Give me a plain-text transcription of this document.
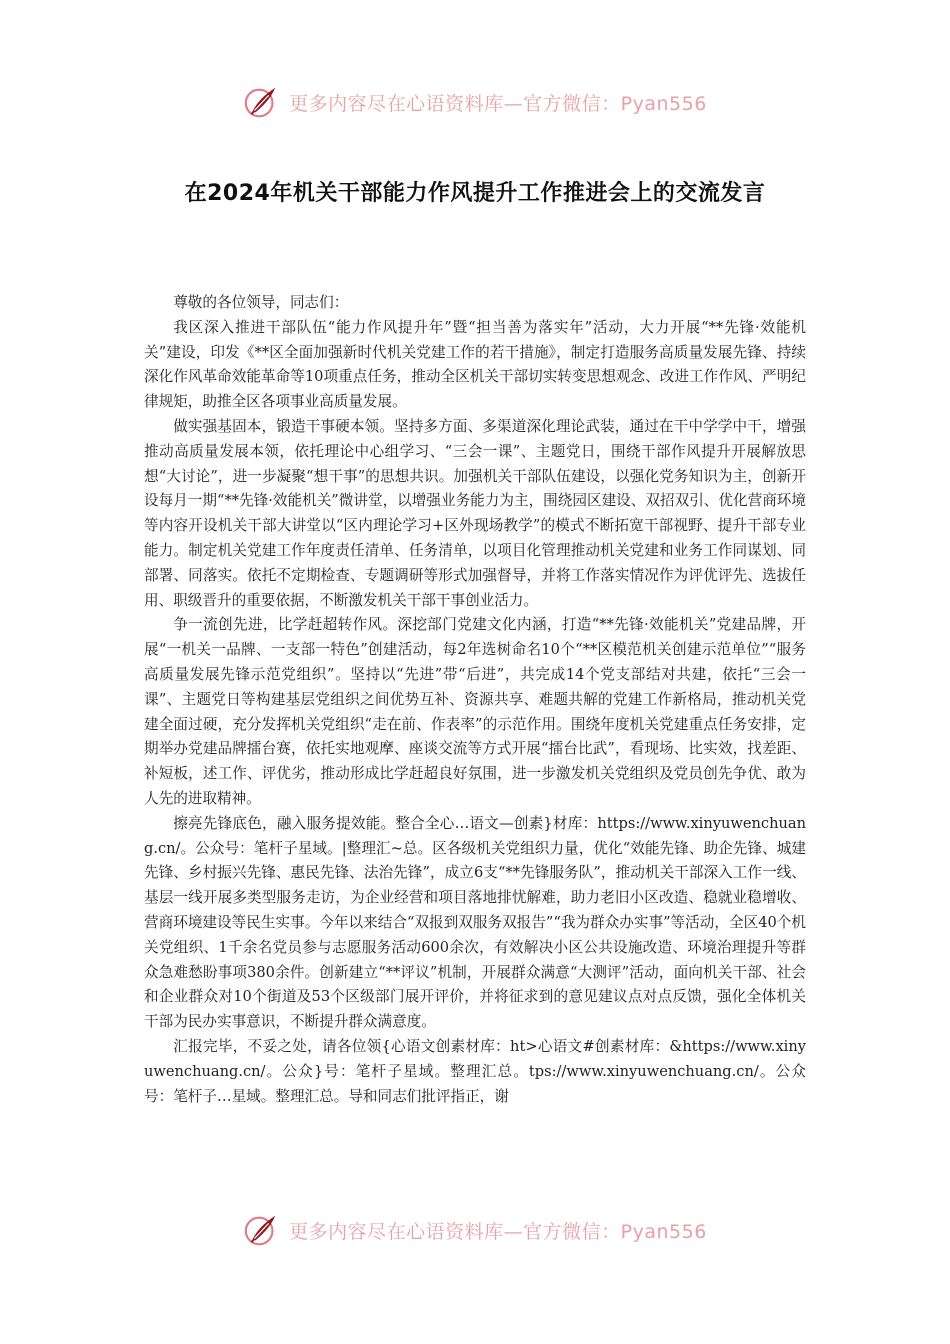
更多内容尽在心语资料库—官方微信：Pyan556
在2024年机关干部能力作风提升工作推进会上的交流发言

尊敬的各位领导，同志们：

我区深入推进干部队伍“能力作风提升年”暨“担当善为落实年”活动，大力开展“**先锋·效能机关”建设，印发《**区全面加强新时代机关党建工作的若干措施》，制定打造服务高质量发展先锋、持续深化作风革命效能革命等10项重点任务，推动全区机关干部切实转变思想观念、改进工作作风、严明纪律规矩，助推全区各项事业高质量发展。

做实强基固本，锻造干事硬本领。坚持多方面、多渠道深化理论武装，通过在干中学学中干，增强推动高质量发展本领，依托理论中心组学习、“三会一课”、主题党日，围绕干部作风提升开展解放思想“大讨论”，进一步凝聚“想干事”的思想共识。加强机关干部队伍建设，以强化党务知识为主，创新开设每月一期“**先锋·效能机关”微讲堂，以增强业务能力为主，围绕园区建设、双招双引、优化营商环境等内容开设机关干部大讲堂以“区内理论学习+区外现场教学”的模式不断拓宽干部视野、提升干部专业能力。制定机关党建工作年度责任清单、任务清单，以项目化管理推动机关党建和业务工作同谋划、同部署、同落实。依托不定期检查、专题调研等形式加强督导，并将工作落实情况作为评优评先、选拔任用、职级晋升的重要依据，不断激发机关干部干事创业活力。

争一流创先进，比学赶超转作风。深挖部门党建文化内涵，打造“**先锋·效能机关”党建品牌，开展“一机关一品牌、一支部一特色”创建活动，每2年选树命名10个“**区模范机关创建示范单位”“服务高质量发展先锋示范党组织”。坚持以“先进”带“后进”，共完成14个党支部结对共建，依托“三会一课”、主题党日等构建基层党组织之间优势互补、资源共享、难题共解的党建工作新格局，推动机关党建全面过硬，充分发挥机关党组织“走在前、作表率”的示范作用。围绕年度机关党建重点任务安排，定期举办党建品牌擂台赛，依托实地观摩、座谈交流等方式开展“擂台比武”，看现场、比实效，找差距、补短板，述工作、评优劣，推动形成比学赶超良好氛围，进一步激发机关党组织及党员创先争优、敢为人先的进取精神。

擦亮先锋底色，融入服务提效能。整合全心…语文—创素}材库：https://www.xinyuwenchuang.cn/。公众号：笔杆子星域。|整理汇~总。区各级机关党组织力量，优化“效能先锋、助企先锋、城建先锋、乡村振兴先锋、惠民先锋、法治先锋”，成立6支“**先锋服务队”，推动机关干部深入工作一线、基层一线开展多类型服务走访，为企业经营和项目落地排忧解难，助力老旧小区改造、稳就业稳增收、营商环境建设等民生实事。今年以来结合“双报到双服务双报告”“我为群众办实事”等活动，全区40个机关党组织、1千余名党员参与志愿服务活动600余次，有效解决小区公共设施改造、环境治理提升等群众急难愁盼事项380余件。创新建立“**评议”机制，开展群众满意“大测评”活动，面向机关干部、社会和企业群众对10个街道及53个区级部门展开评价，并将征求到的意见建议点对点反馈，强化全体机关干部为民办实事意识，不断提升群众满意度。

汇报完毕，不妥之处，请各位领{心语文创素材库：ht>心语文#创素材库：&https://www.xinyuwenchuang.cn/。公众}号：笔杆子星域。整理汇总。tps://www.xinyuwenchuang.cn/。公众号：笔杆子…星域。整理汇总。导和同志们批评指正，谢

更多内容尽在心语资料库—官方微信：Pyan556
